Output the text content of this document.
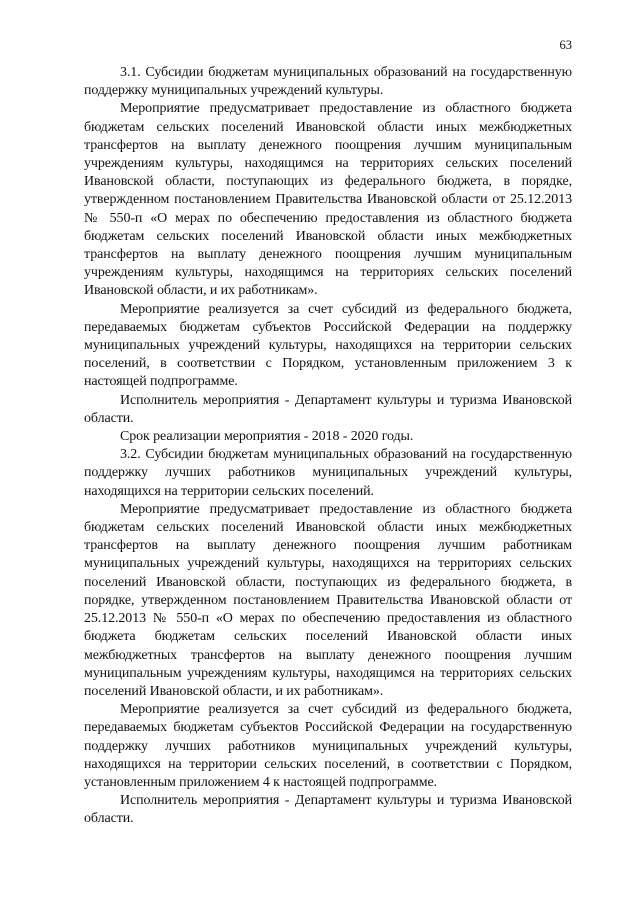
63

3.1. Субсидии бюджетам муниципальных образований на государственную поддержку муниципальных учреждений культуры.

Мероприятие предусматривает предоставление из областного бюджета бюджетам сельских поселений Ивановской области иных межбюджетных трансфертов на выплату денежного поощрения лучшим муниципальным учреждениям культуры, находящимся на территориях сельских поселений Ивановской области, поступающих из федерального бюджета, в порядке, утвержденном постановлением Правительства Ивановской области от 25.12.2013 № 550-п «О мерах по обеспечению предоставления из областного бюджета бюджетам сельских поселений Ивановской области иных межбюджетных трансфертов на выплату денежного поощрения лучшим муниципальным учреждениям культуры, находящимся на территориях сельских поселений Ивановской области, и их работникам».

Мероприятие реализуется за счет субсидий из федерального бюджета, передаваемых бюджетам субъектов Российской Федерации на поддержку муниципальных учреждений культуры, находящихся на территории сельских поселений, в соответствии с Порядком, установленным приложением 3 к настоящей подпрограмме.

Исполнитель мероприятия - Департамент культуры и туризма Ивановской области.

Срок реализации мероприятия - 2018 - 2020 годы.

3.2. Субсидии бюджетам муниципальных образований на государственную поддержку лучших работников муниципальных учреждений культуры, находящихся на территории сельских поселений.

Мероприятие предусматривает предоставление из областного бюджета бюджетам сельских поселений Ивановской области иных межбюджетных трансфертов на выплату денежного поощрения лучшим работникам муниципальных учреждений культуры, находящихся на территориях сельских поселений Ивановской области, поступающих из федерального бюджета, в порядке, утвержденном постановлением Правительства Ивановской области от 25.12.2013 № 550-п «О мерах по обеспечению предоставления из областного бюджета бюджетам сельских поселений Ивановской области иных межбюджетных трансфертов на выплату денежного поощрения лучшим муниципальным учреждениям культуры, находящимся на территориях сельских поселений Ивановской области, и их работникам».

Мероприятие реализуется за счет субсидий из федерального бюджета, передаваемых бюджетам субъектов Российской Федерации на государственную поддержку лучших работников муниципальных учреждений культуры, находящихся на территории сельских поселений, в соответствии с Порядком, установленным приложением 4 к настоящей подпрограмме.

Исполнитель мероприятия - Департамент культуры и туризма Ивановской области.
